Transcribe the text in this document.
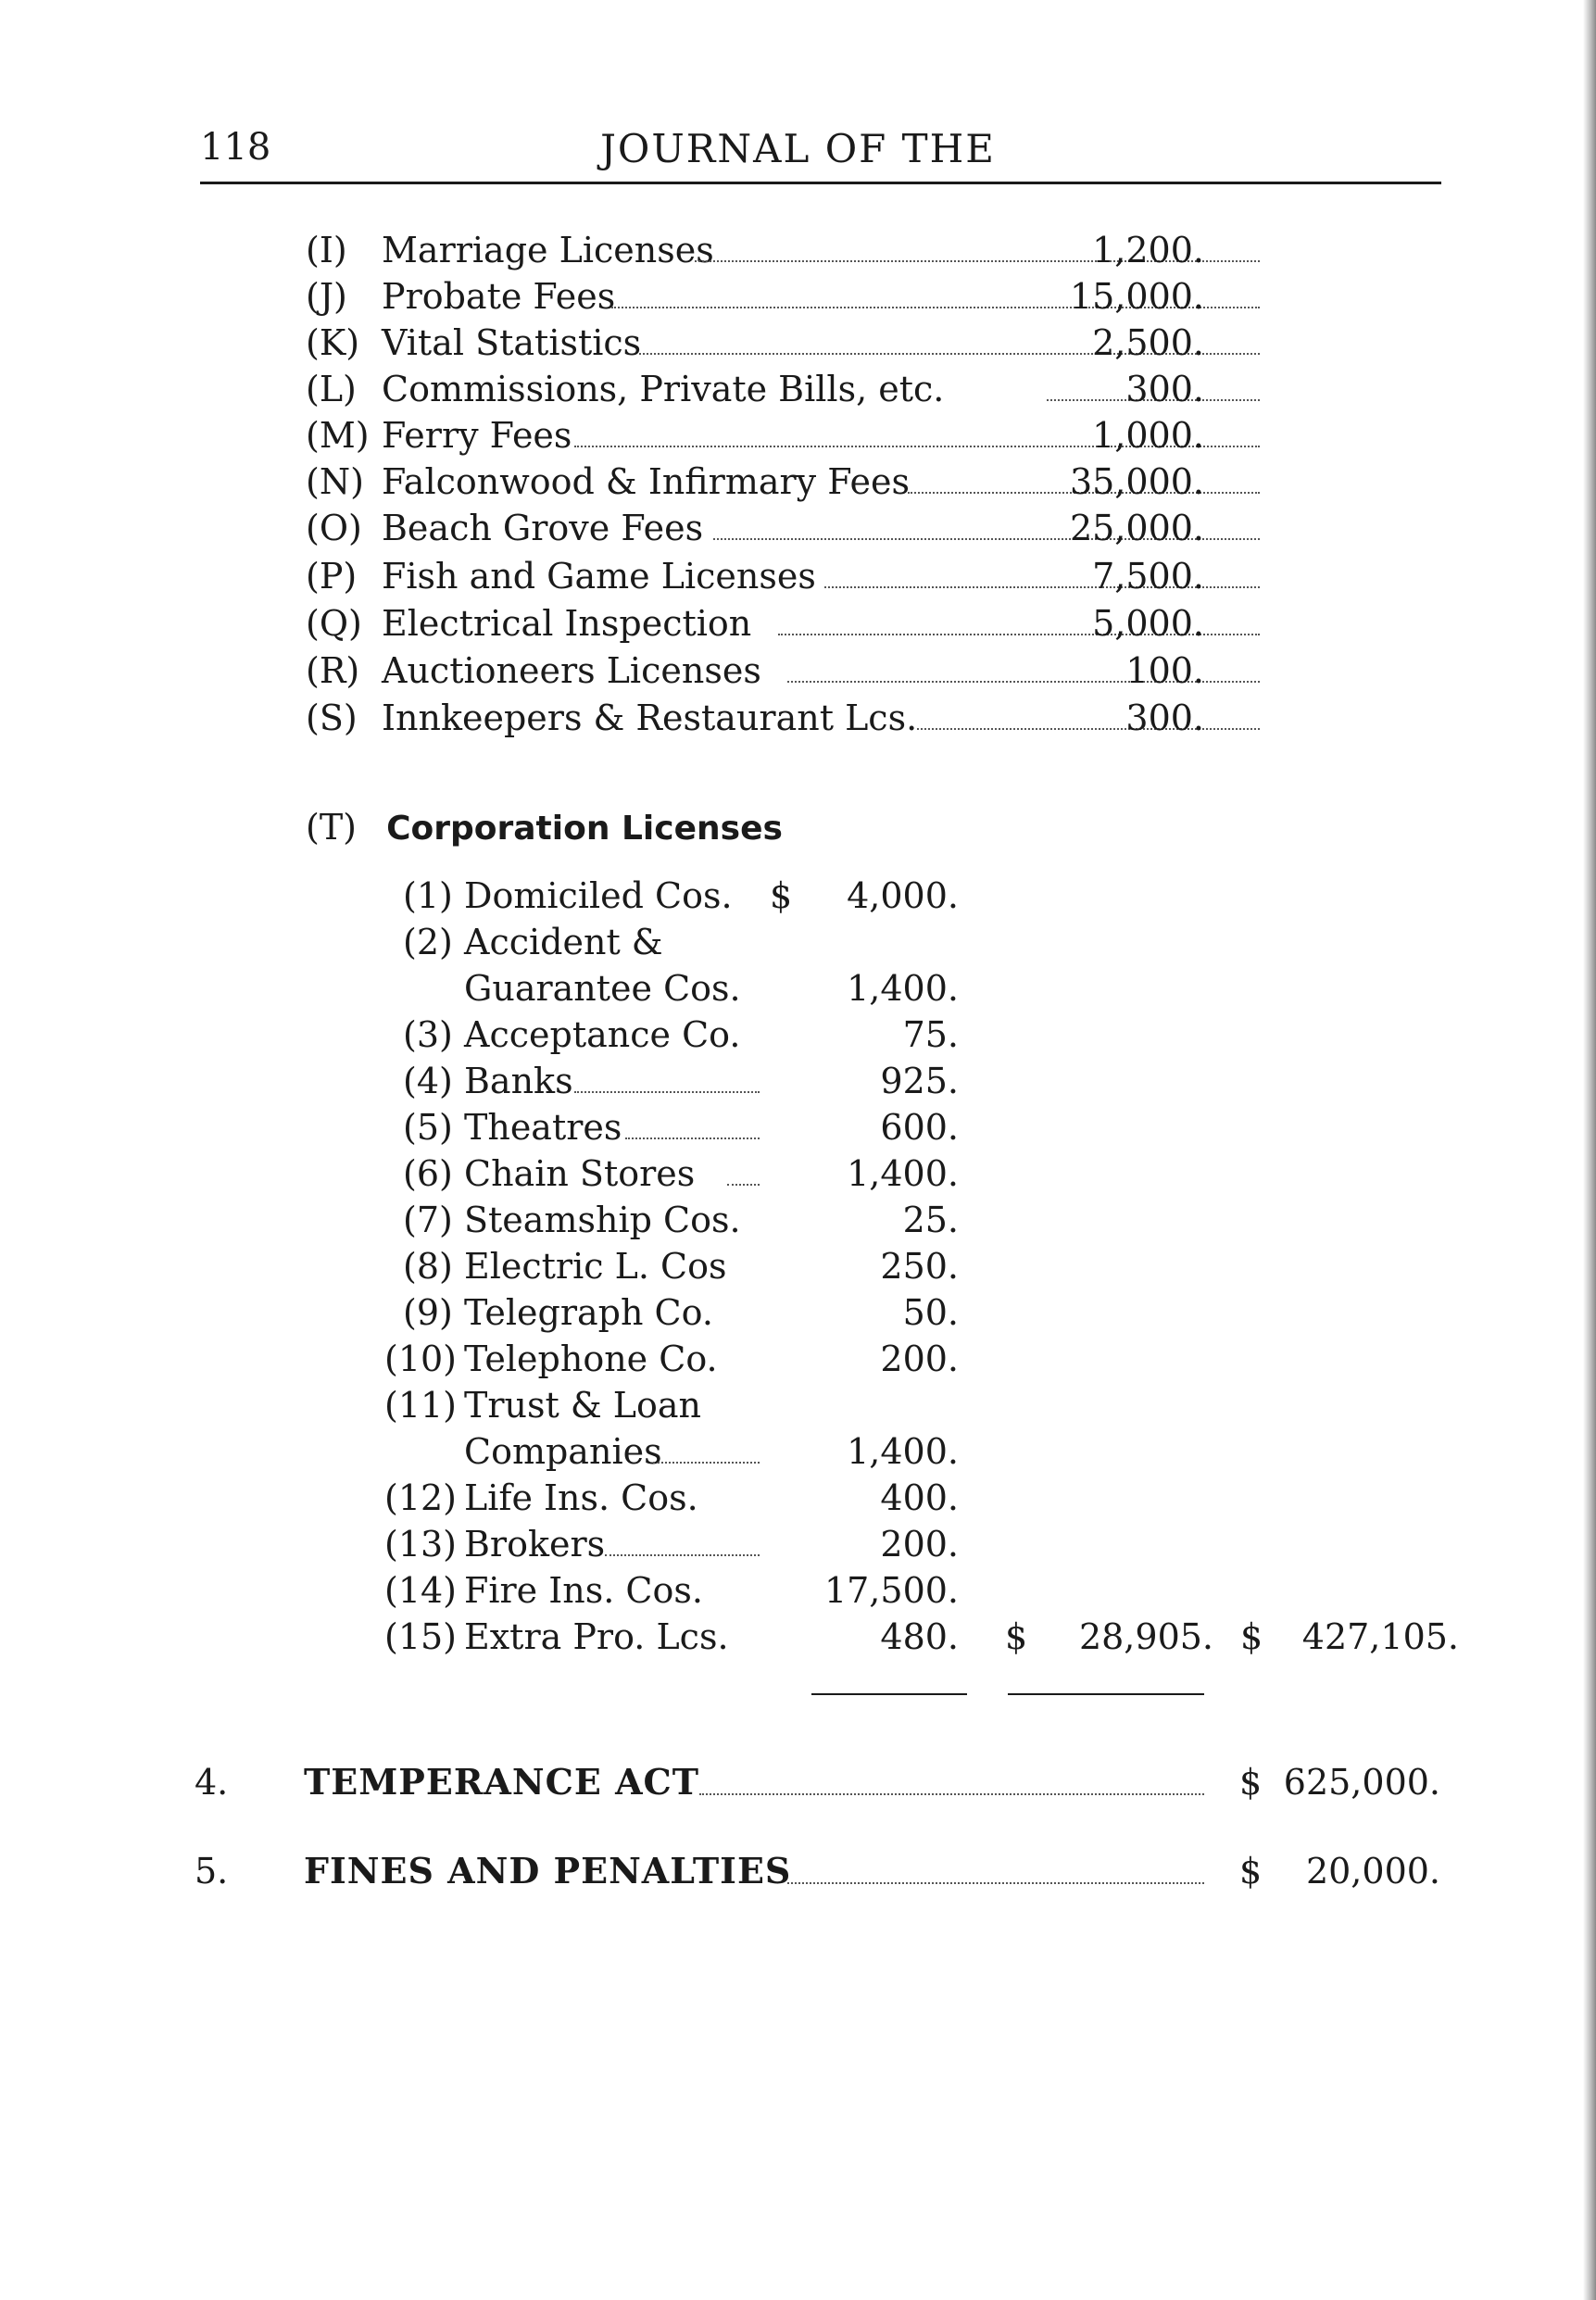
118	JOURNAL OF THE
(I) Marriage Licenses	1,200.
(J) Probate Fees	15,000.
(K) Vital Statistics	2,500.
(L) Commissions, Private Bills, etc.	300.
(M) Ferry Fees	1,000.
(N) Falconwood & Infirmary Fees	35,000.
(O) Beach Grove Fees	25,000.
(P) Fish and Game Licenses	7,500.
(Q) Electrical Inspection	5,000.
(R) Auctioneers Licenses	100.
(S) Innkeepers & Restaurant Lcs.	300.
(T) Corporation Licenses
(1) Domiciled Cos. $	4,000.
(2) Accident &
Guarantee Cos.	1,400.
(3) Acceptance Co.	75.
(4) Banks	925.
(5) Theatres	600.
(6) Chain Stores	1,400.
(7) Steamship Cos.	25.
(8) Electric L. Cos	250.
(9) Telegraph Co.	50.
(10) Telephone Co.	200.
(11) Trust & Loan
Companies	1,400.
(12) Life Ins. Cos.	400.
(13) Brokers	200.
(14) Fire Ins. Cos.	17,500.
(15) Extra Pro. Lcs.	480. $	28,905. $	427,105.
4. TEMPERANCE ACT	$ 625,000.
5. FINES AND PENALTIES	$	20,000.
